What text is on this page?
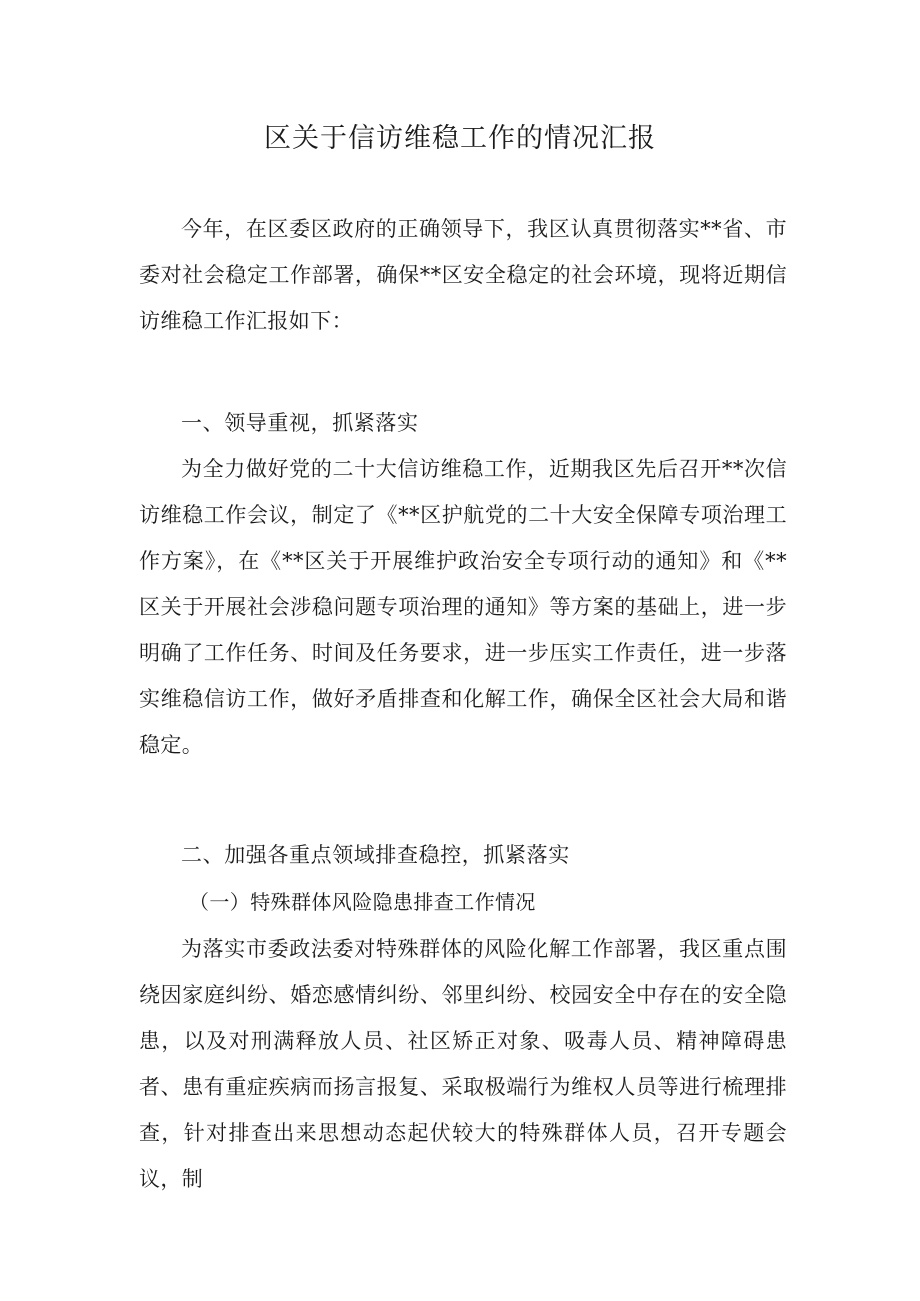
区关于信访维稳工作的情况汇报

今年，在区委区政府的正确领导下，我区认真贯彻落实**省、市委对社会稳定工作部署，确保**区安全稳定的社会环境，现将近期信访维稳工作汇报如下：

一、领导重视，抓紧落实

为全力做好党的二十大信访维稳工作，近期我区先后召开**次信访维稳工作会议，制定了《**区护航党的二十大安全保障专项治理工作方案》，在《**区关于开展维护政治安全专项行动的通知》和《**区关于开展社会涉稳问题专项治理的通知》等方案的基础上，进一步明确了工作任务、时间及任务要求，进一步压实工作责任，进一步落实维稳信访工作，做好矛盾排查和化解工作，确保全区社会大局和谐稳定。

二、加强各重点领域排查稳控，抓紧落实

（一）特殊群体风险隐患排查工作情况

为落实市委政法委对特殊群体的风险化解工作部署，我区重点围绕因家庭纠纷、婚恋感情纠纷、邻里纠纷、校园安全中存在的安全隐患，以及对刑满释放人员、社区矫正对象、吸毒人员、精神障碍患者、患有重症疾病而扬言报复、采取极端行为维权人员等进行梳理排查，针对排查出来思想动态起伏较大的特殊群体人员，召开专题会议，制
